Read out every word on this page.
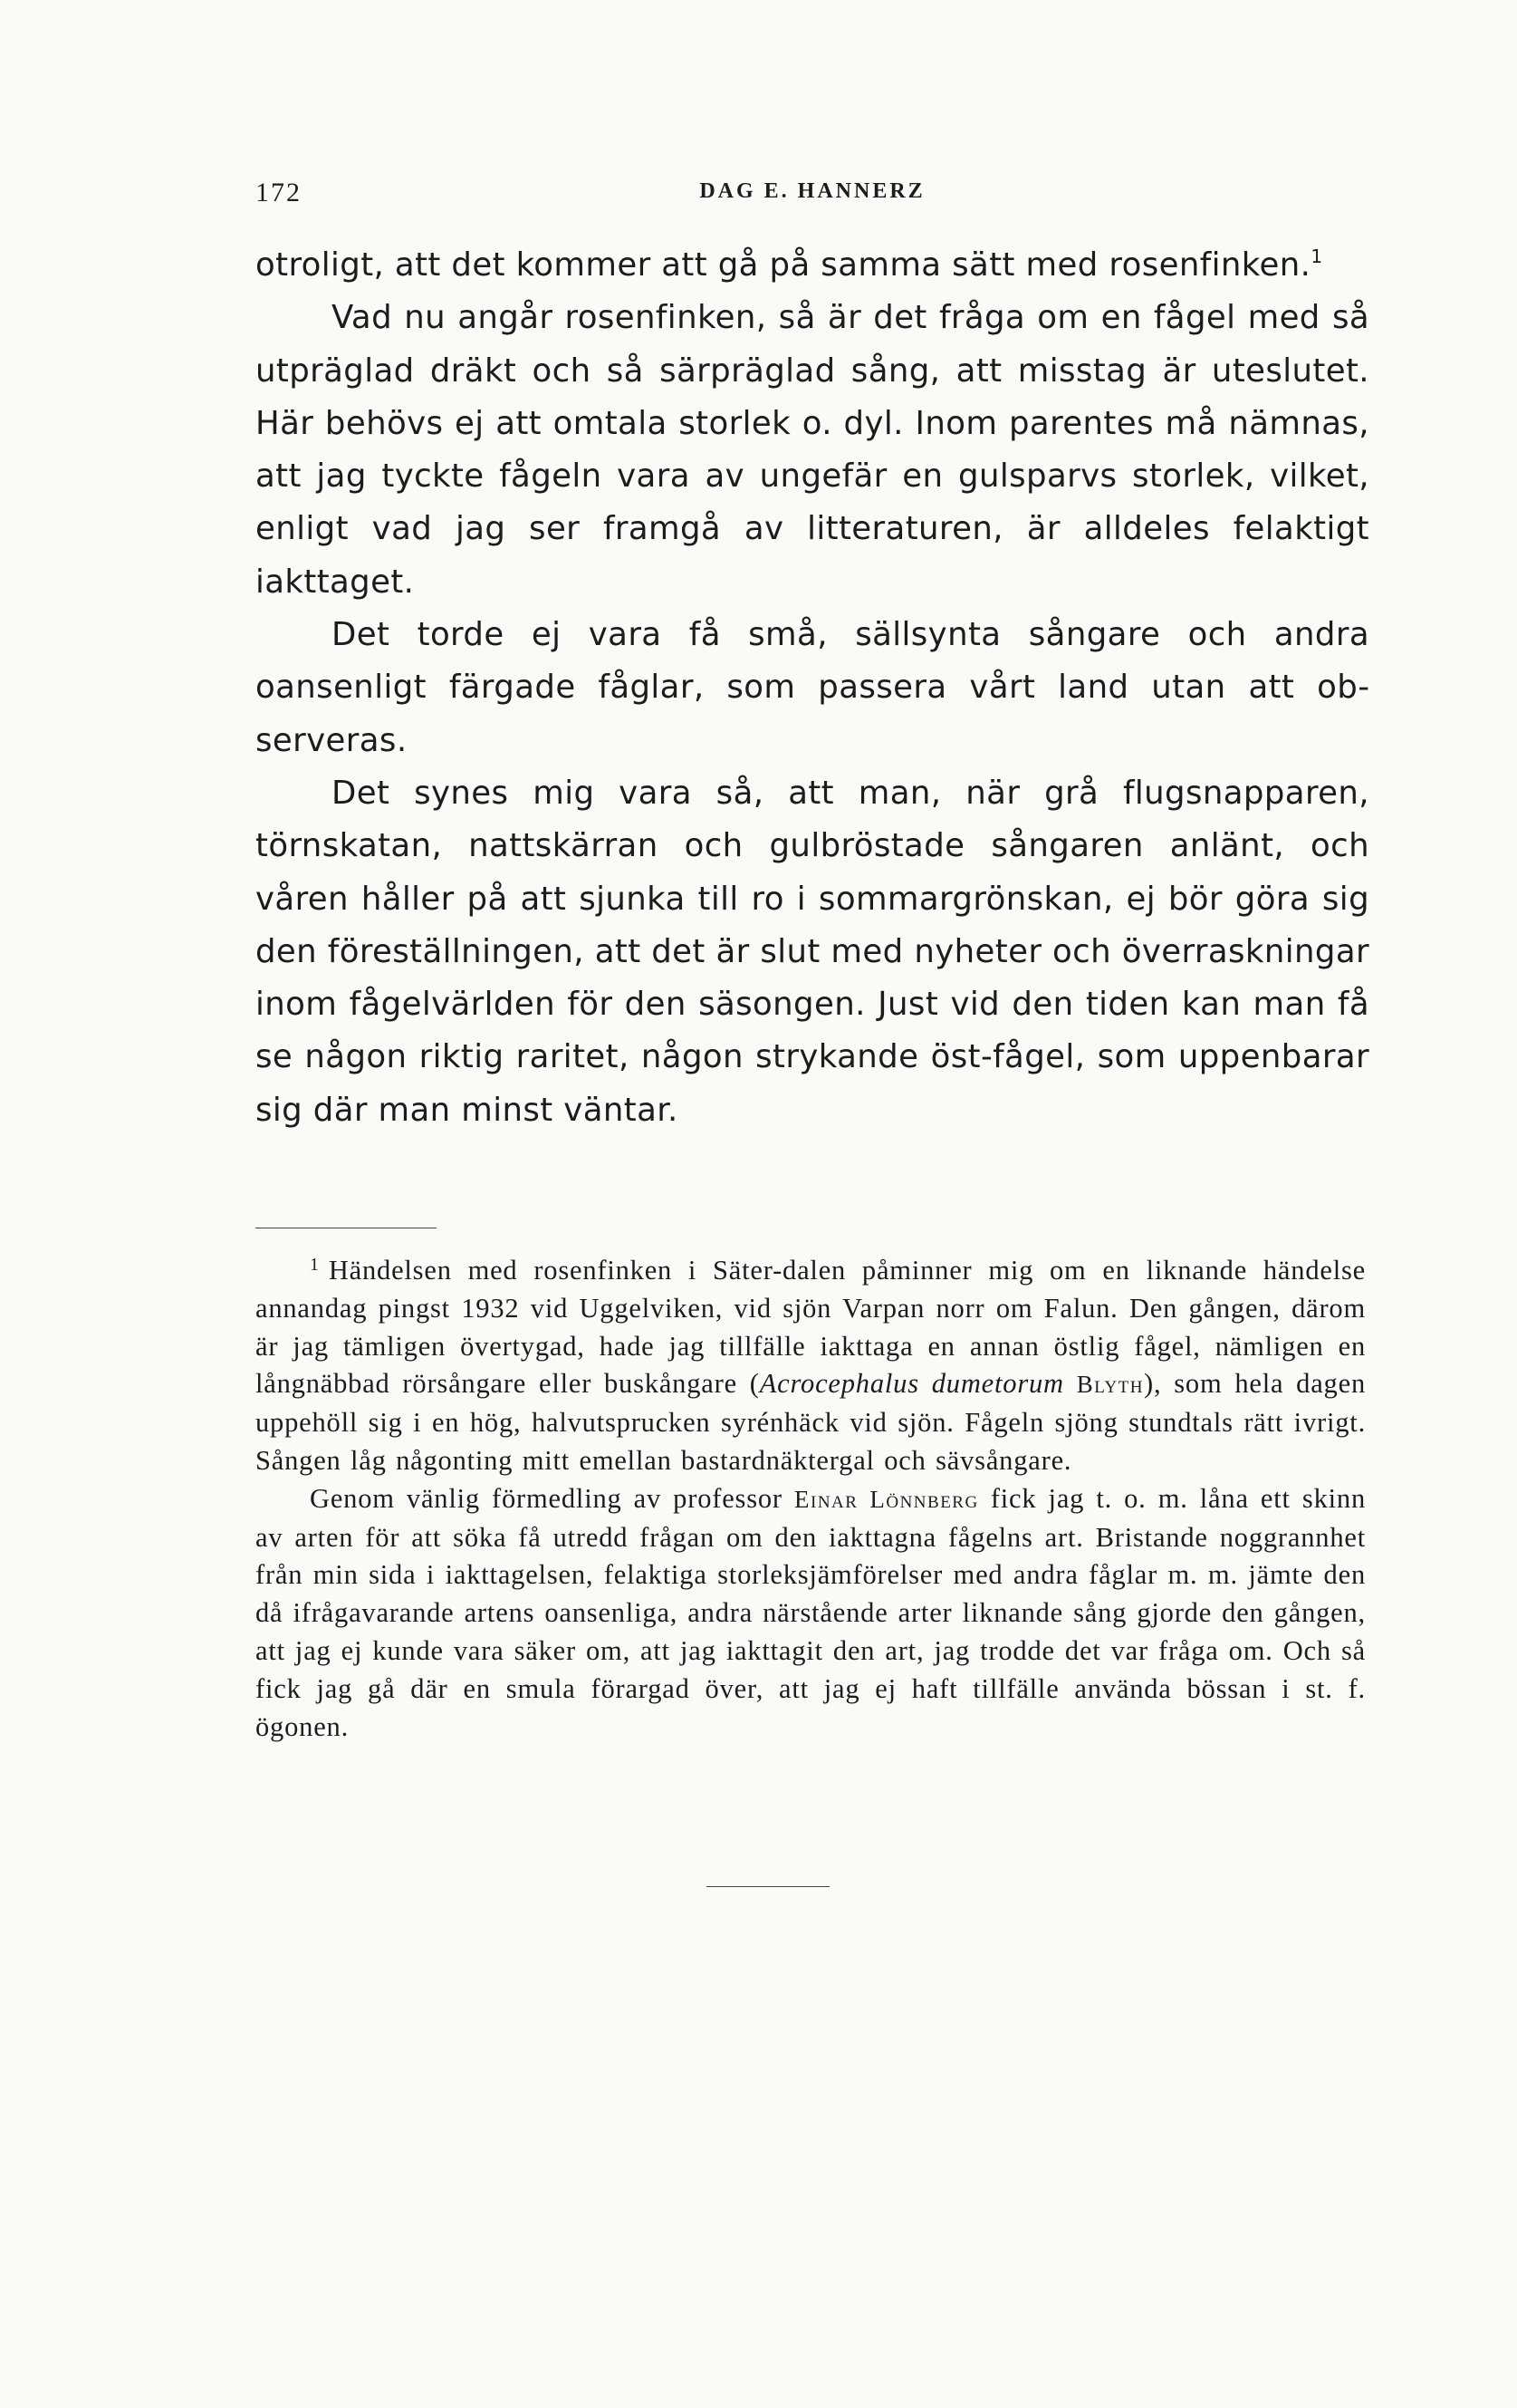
172	DAG E. HANNERZ

otroligt, att det kommer att gå på samma sätt med rosenfinken.$^1$

Vad nu angår rosenfinken, så är det fråga om en fågel med så utpräglad dräkt och så särpräglad sång, att misstag är uteslutet. Här behövs ej att omtala storlek o. dyl. Inom parentes må nämnas, att jag tyckte fågeln vara av ungefär en gulsparvs storlek, vilket, enligt vad jag ser framgå av litteraturen, är alldeles felaktigt iakttaget.

Det torde ej vara få små, sällsynta sångare och andra oansenligt färgade fåglar, som passera vårt land utan att observeras.

Det synes mig vara så, att man, när grå flugsnapparen, törnskatan, nattskärran och gulbröstade sångaren anlänt, och våren håller på att sjunka till ro i sommargrönskan, ej bör göra sig den föreställningen, att det är slut med nyheter och överraskningar inom fågelvärlden för den säsongen. Just vid den tiden kan man få se någon riktig raritet, någon strykande öst-fågel, som uppenbarar sig där man minst väntar.

$^1$ Händelsen med rosenfinken i Säter-dalen påminner mig om en liknande händelse annandag pingst 1932 vid Uggelviken, vid sjön Varpan norr om Falun. Den gången, därom är jag tämligen övertygad, hade jag tillfälle iakttaga en annan östlig fågel, nämligen en långnäbbad rörsångare eller buskångare (Acrocephalus dumetorum Blyth), som hela dagen uppehöll sig i en hög, halvutsprucken syrénhäck vid sjön. Fågeln sjöng stundtals rätt ivrigt. Sången låg någonting mitt emellan bastardnäktergal och sävsångare.

Genom vänlig förmedling av professor Einar Lönnberg fick jag t. o. m. låna ett skinn av arten för att söka få utredd frågan om den iakttagna fågelns art. Bristande noggrannhet från min sida i iakttagelsen, felaktiga storleksjämförelser med andra fåglar m. m. jämte den då ifrågavarande artens oansenliga, andra närstående arter liknande sång gjorde den gången, att jag ej kunde vara säker om, att jag iakttagit den art, jag trodde det var fråga om. Och så fick jag gå där en smula förargad över, att jag ej haft tillfälle använda bössan i st. f. ögonen.
